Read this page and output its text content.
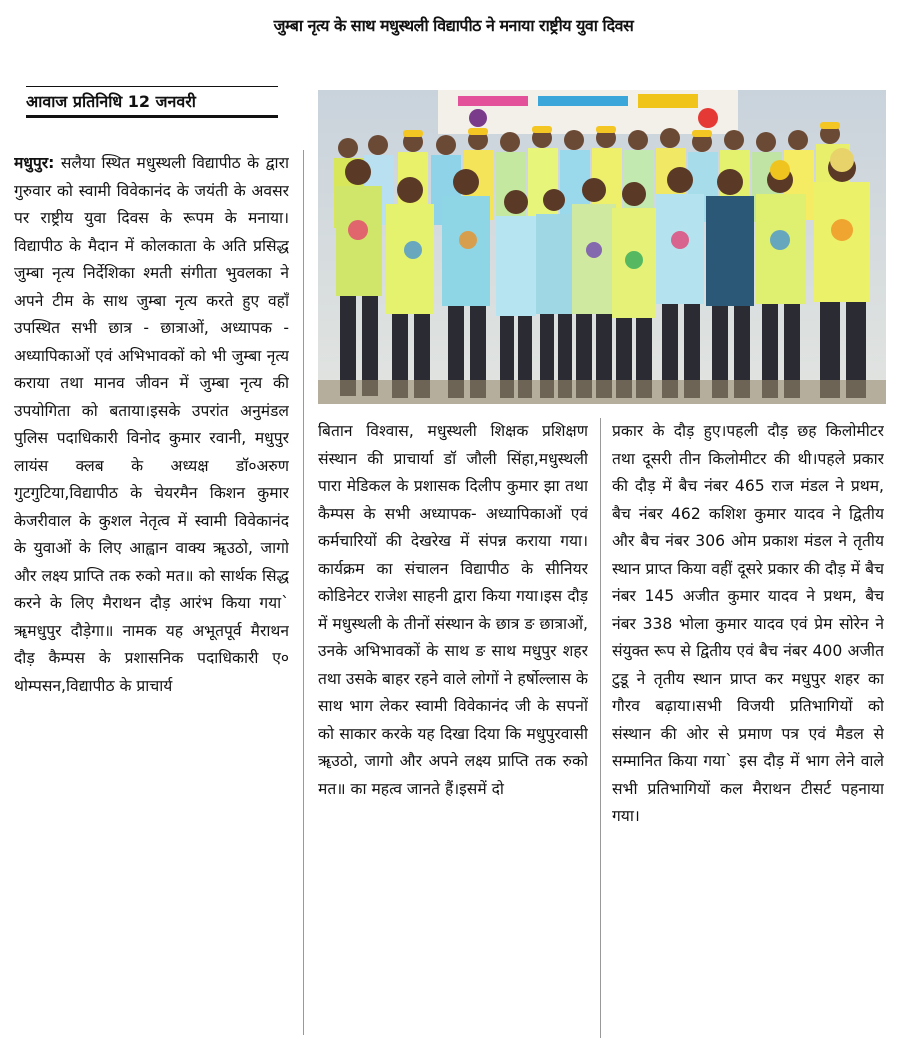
जुम्बा नृत्य के साथ मधुस्थली विद्यापीठ ने मनाया राष्ट्रीय युवा दिवस
आवाज प्रतिनिधि 12 जनवरी
मधुपुर: सलैया स्थित मधुस्थली विद्यापीठ के द्वारा गुरुवार को स्वामी विवेकानंद के जयंती के अवसर पर राष्ट्रीय युवा दिवस के रूपम के मनाया।विद्यापीठ के मैदान में कोलकाता के अति प्रसिद्ध जुम्बा नृत्य निर्देशिका श्मती संगीता भुवलका ने अपने टीम के साथ जुम्बा नृत्य करते हुए वहाँ उपस्थित सभी छात्र - छात्राओं, अध्यापक - अध्यापिकाओं एवं अभिभावकों को भी जुम्बा नृत्य कराया तथा मानव जीवन में जुम्बा नृत्य की उपयोगिता को बताया।इसके उपरांत अनुमंडल पुलिस पदाधिकारी विनोद कुमार रवानी, मधुपुर लायंस क्लब के अध्यक्ष डॉ०अरुण गुटगुटिया,विद्यापीठ के चेयरमैन किशन कुमार केजरीवाल के कुशल नेतृत्व में स्वामी विवेकानंद के युवाओं के लिए आह्वान वाक्य ॠउठो, जागो और लक्ष्य प्राप्ति तक रुको मत॥ को सार्थक सिद्ध करने के लिए मैराथन दौड़ आरंभ किया गया` ॠमधुपुर दौड़ेगा॥ नामक यह अभूतपूर्व मैराथन दौड़ कैम्पस के प्रशासनिक पदाधिकारी ए० थोम्पसन,विद्यापीठ के प्राचार्य
बितान विश्वास, मधुस्थली शिक्षक प्रशिक्षण संस्थान की प्राचार्या डॉ जौली सिंहा,मधुस्थली पारा मेडिकल के प्रशासक दिलीप कुमार झा तथा कैम्पस के सभी अध्यापक- अध्यापिकाओं एवं कर्मचारियों की देखरेख में संपन्न कराया गया।कार्यक्रम का संचालन विद्यापीठ के सीनियर कोडिनेटर राजेश साहनी द्वारा किया गया।इस दौड़ में मधुस्थली के तीनों संस्थान के छात्र ङ छात्राओं, उनके अभिभावकों के साथ ङ साथ मधुपुर शहर तथा उसके बाहर रहने वाले लोगों ने हर्षोल्लास के साथ भाग लेकर स्वामी विवेकानंद जी के सपनों को साकार करके यह दिखा दिया कि मधुपुरवासी ॠउठो, जागो और अपने लक्ष्य प्राप्ति तक रुको मत॥ का महत्व जानते हैं।इसमें दो
प्रकार के दौड़ हुए।पहली दौड़ छह किलोमीटर तथा दूसरी तीन किलोमीटर की थी।पहले प्रकार की दौड़ में बैच नंबर 465 राज मंडल ने प्रथम, बैच नंबर 462 कशिश कुमार यादव ने द्वितीय और बैच नंबर 306 ओम प्रकाश मंडल ने तृतीय स्थान प्राप्त किया वहीं दूसरे प्रकार की दौड़ में बैच नंबर 145 अजीत कुमार यादव ने प्रथम, बैच नंबर 338 भोला कुमार यादव एवं प्रेम सोरेन ने संयुक्त रूप से द्वितीय एवं बैच नंबर 400 अजीत टुडू ने तृतीय स्थान प्राप्त कर मधुपुर शहर का गौरव बढ़ाया।सभी विजयी प्रतिभागियों को संस्थान की ओर से प्रमाण पत्र एवं मैडल से सम्मानित किया गया` इस दौड़ में भाग लेने वाले सभी प्रतिभागियों कल मैराथन टीसर्ट पहनाया गया।
